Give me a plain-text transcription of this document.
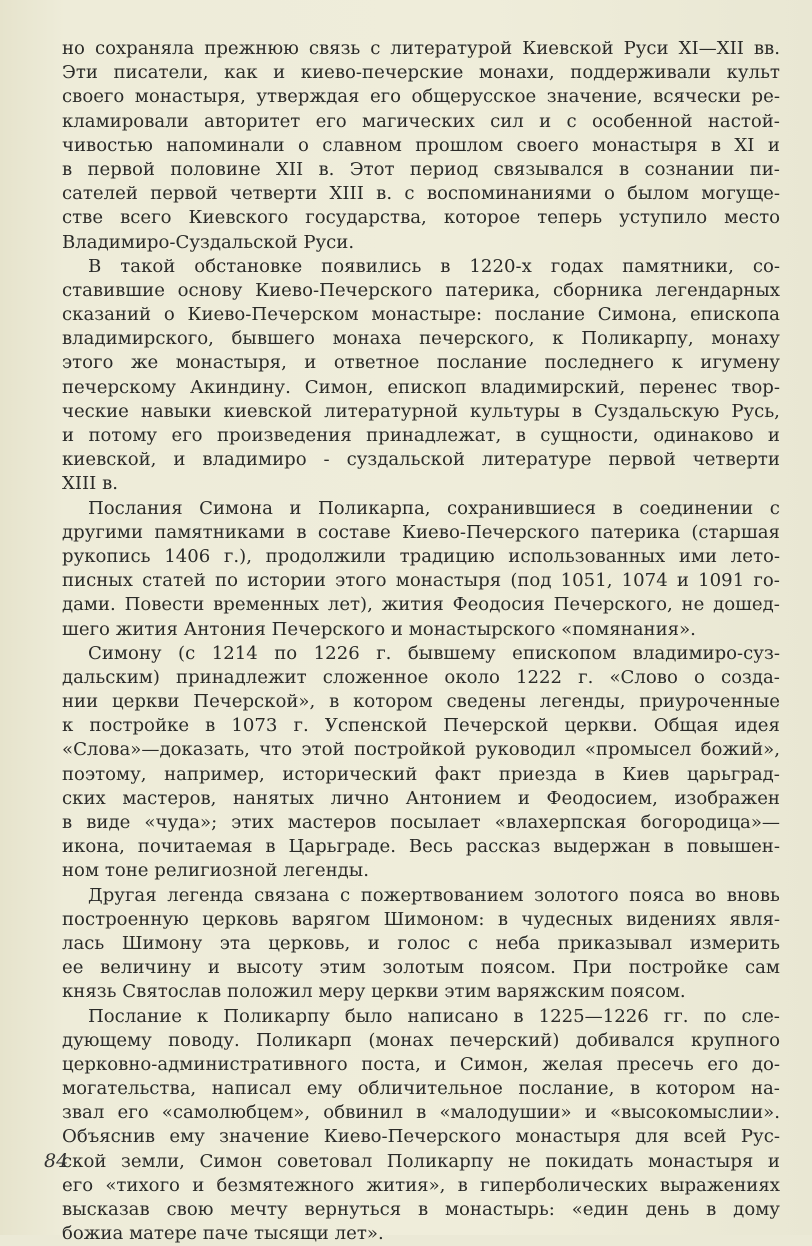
но сохраняла прежнюю связь с литературой Киевской Руси XI—XII вв.
Эти писатели, как и киево-печерские монахи, поддерживали культ
своего монастыря, утверждая его общерусское значение, всячески ре-
кламировали авторитет его магических сил и с особенной настой-
чивостью напоминали о славном прошлом своего монастыря в XI и
в первой половине XII в. Этот период связывался в сознании пи-
сателей первой четверти XIII в. с воспоминаниями о былом могуще-
стве всего Киевского государства, которое теперь уступило место
Владимиро-Суздальской Руси.
В такой обстановке появились в 1220-х годах памятники, со-
ставившие основу Киево-Печерского патерика, сборника легендарных
сказаний о Киево-Печерском монастыре: послание Симона, епископа
владимирского, бывшего монаха печерского, к Поликарпу, монаху
этого же монастыря, и ответное послание последнего к игумену
печерскому Акиндину. Симон, епископ владимирский, перенес твор-
ческие навыки киевской литературной культуры в Суздальскую Русь,
и потому его произведения принадлежат, в сущности, одинаково и
киевской, и владимиро - суздальской литературе первой четверти
XIII в.
Послания Симона и Поликарпа, сохранившиеся в соединении с
другими памятниками в составе Киево-Печерского патерика (старшая
рукопись 1406 г.), продолжили традицию использованных ими лето-
писных статей по истории этого монастыря (под 1051, 1074 и 1091 го-
дами. Повести временных лет), жития Феодосия Печерского, не дошед-
шего жития Антония Печерского и монастырского «помянания».
Симону (с 1214 по 1226 г. бывшему епископом владимиро-суз-
дальским) принадлежит сложенное около 1222 г. «Слово о созда-
нии церкви Печерской», в котором сведены легенды, приуроченные
к постройке в 1073 г. Успенской Печерской церкви. Общая идея
«Слова»—доказать, что этой постройкой руководил «промысел божий»,
поэтому, например, исторический факт приезда в Киев царьград-
ских мастеров, нанятых лично Антонием и Феодосием, изображен
в виде «чуда»; этих мастеров посылает «влахерпская богородица»—
икона, почитаемая в Царьграде. Весь рассказ выдержан в повышен-
ном тоне религиозной легенды.
Другая легенда связана с пожертвованием золотого пояса во вновь
построенную церковь варягом Шимоном: в чудесных видениях явля-
лась Шимону эта церковь, и голос с неба приказывал измерить
ее величину и высоту этим золотым поясом. При постройке сам
князь Святослав положил меру церкви этим варяжским поясом.
Послание к Поликарпу было написано в 1225—1226 гг. по сле-
дующему поводу. Поликарп (монах печерский) добивался крупного
церковно-административного поста, и Симон, желая пресечь его до-
могательства, написал ему обличительное послание, в котором на-
звал его «самолюбцем», обвинил в «малодушии» и «высокомыслии».
Объяснив ему значение Киево-Печерского монастыря для всей Рус-
ской земли, Симон советовал Поликарпу не покидать монастыря и
его «тихого и безмятежного жития», в гиперболических выражениях
высказав свою мечту вернуться в монастырь: «един день в дому
божиа матере паче тысящи лет».
84
